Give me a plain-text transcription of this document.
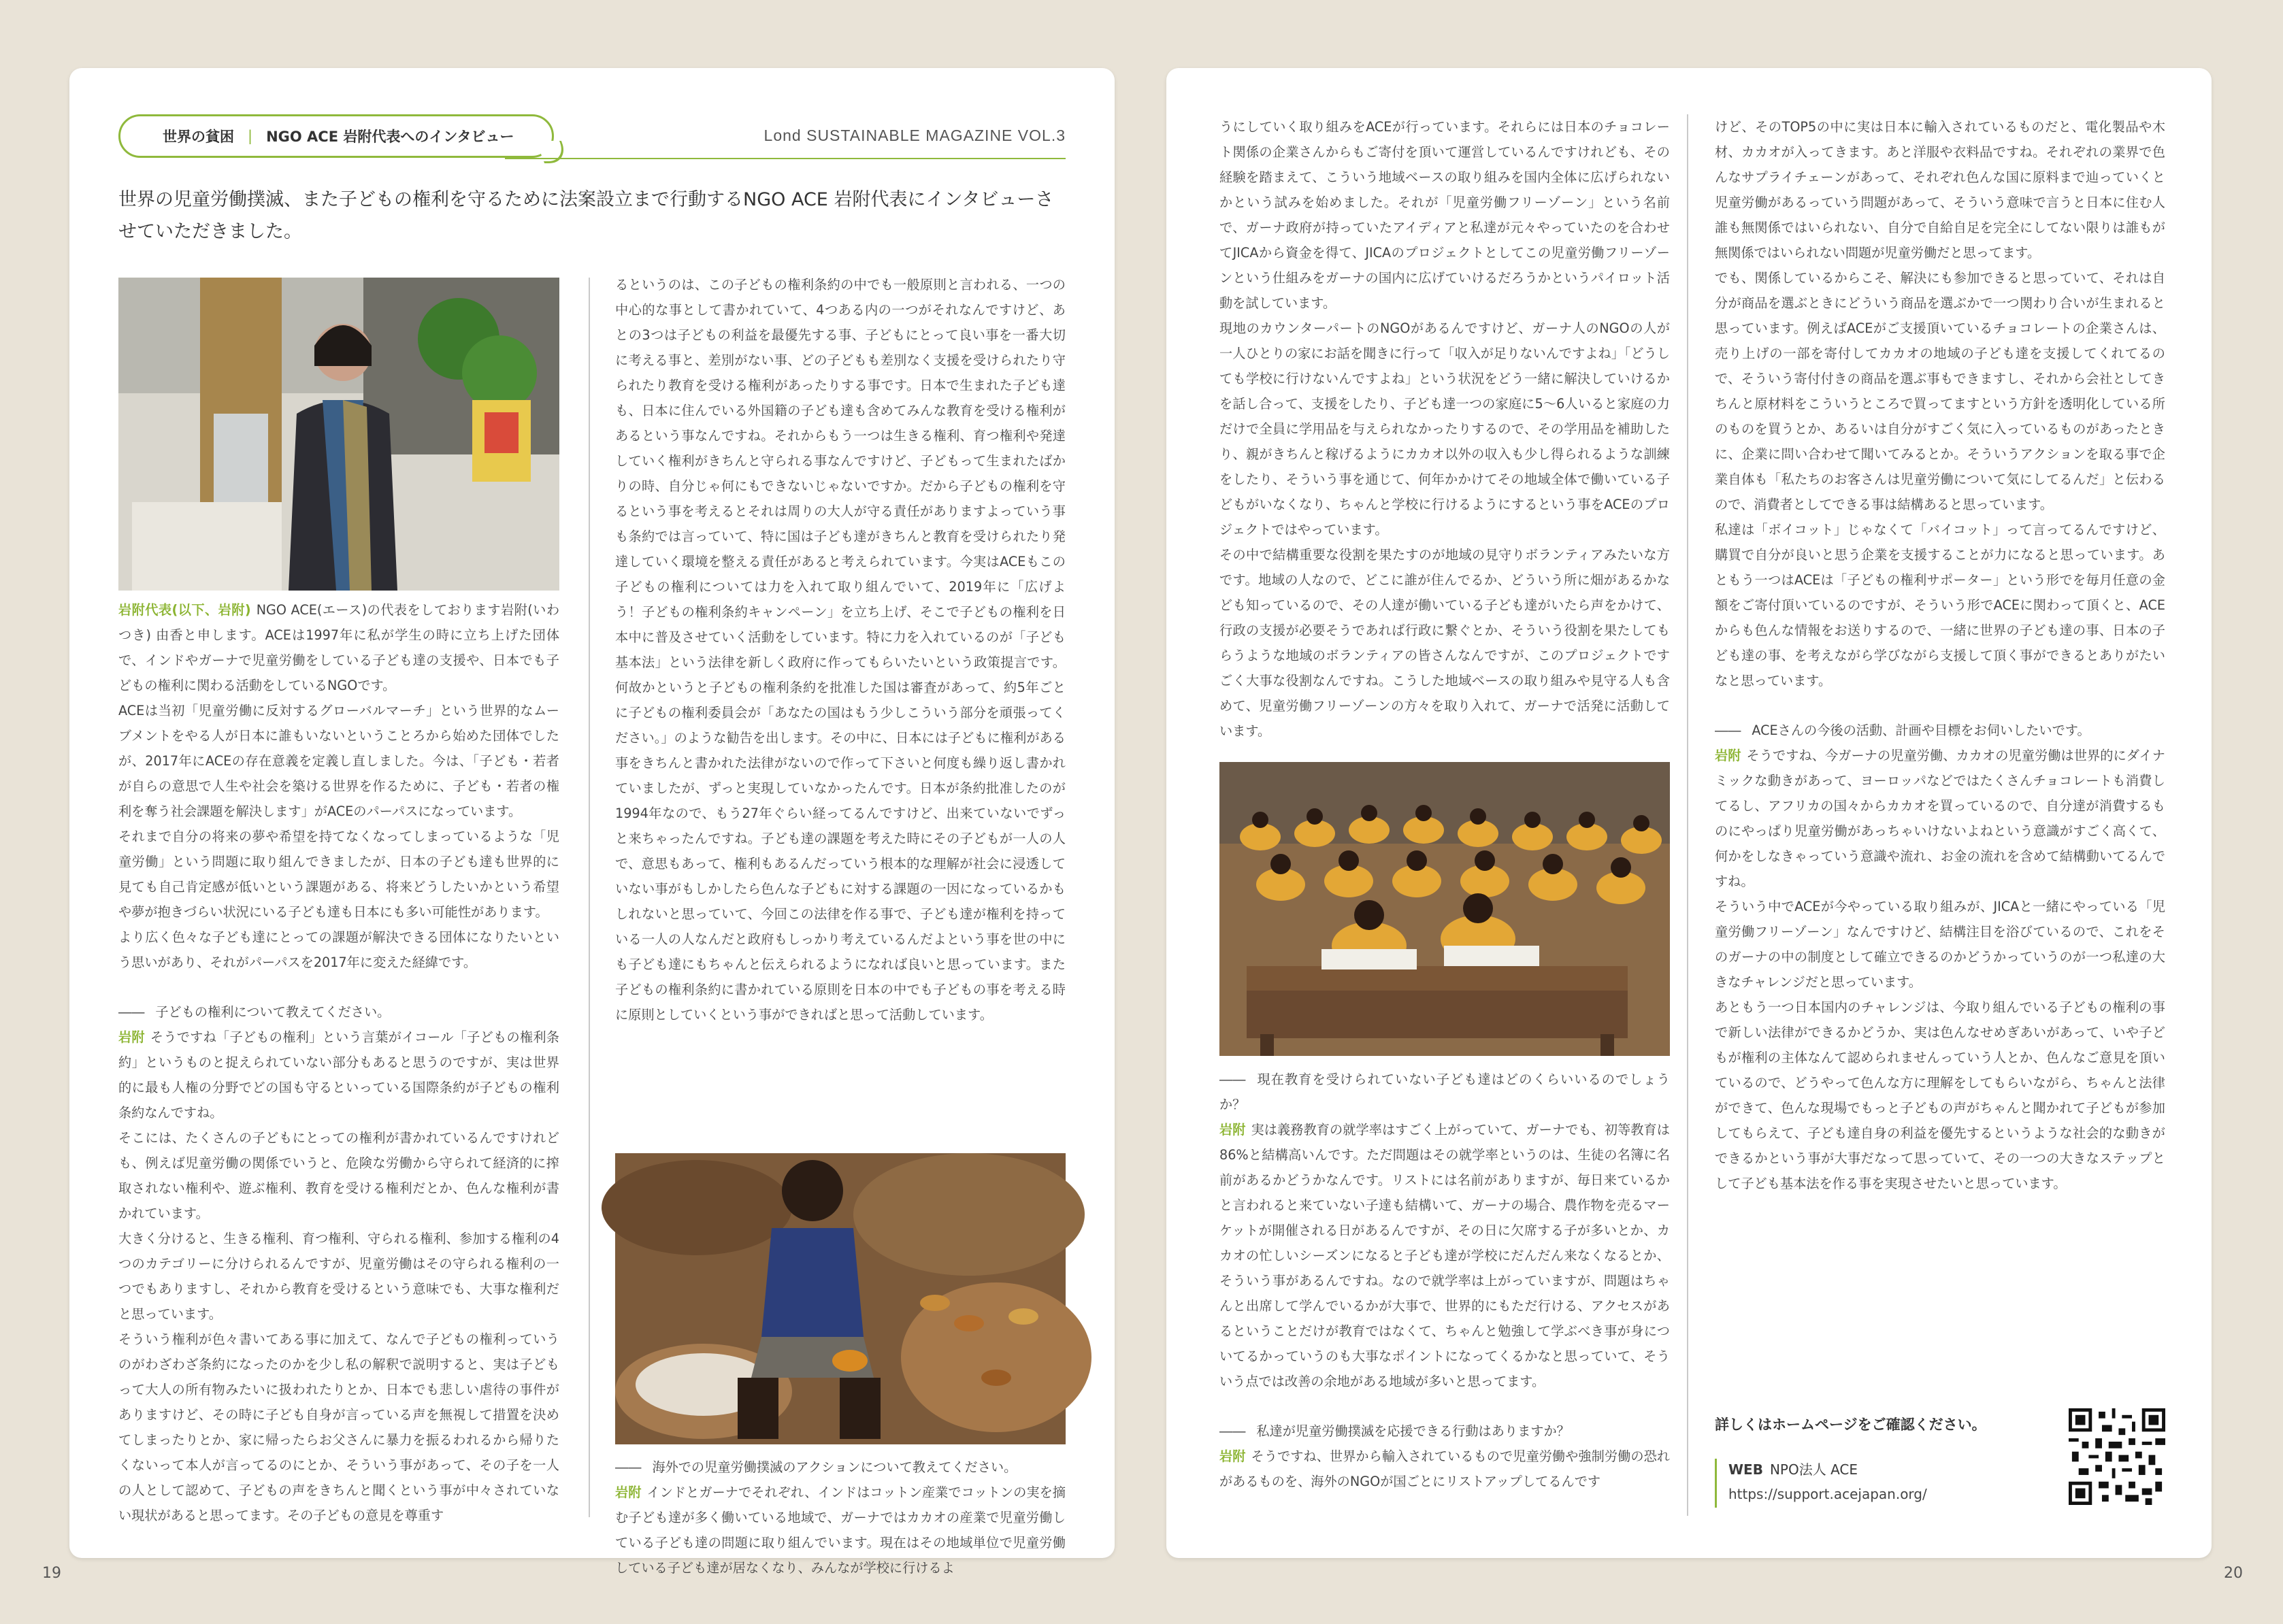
世界の貧困 | NGO ACE 岩附代表へのインタビュー	Lond SUSTAINABLE MAGAZINE VOL.3
世界の児童労働撲滅、また子どもの権利を守るために法案設立まで行動するNGO ACE 岩附代表にインタビューさせていただきました。

岩附代表(以下、岩附) NGO ACE(エース)の代表をしております岩附(いわつき) 由香と申します。ACEは1997年に私が学生の時に立ち上げた団体で、インドやガーナで児童労働をしている子ども達の支援や、日本でも子どもの権利に関わる活動をしているNGOです。

ACEは当初「児童労働に反対するグローバルマーチ」という世界的なムーブメントをやる人が日本に誰もいないということろから始めた団体でしたが、2017年にACEの存在意義を定義し直しました。今は、「子ども・若者が自らの意思で人生や社会を築ける世界を作るために、子ども・若者の権利を奪う社会課題を解決します」がACEのパーパスになっています。

それまで自分の将来の夢や希望を持てなくなってしまっているような「児童労働」という問題に取り組んできましたが、日本の子ども達も世界的に見ても自己肯定感が低いという課題がある、将来どうしたいかという希望や夢が抱きづらい状況にいる子ども達も日本にも多い可能性があります。

より広く色々な子ども達にとっての課題が解決できる団体になりたいという思いがあり、それがパーパスを2017年に変えた経緯です。

―― 子どもの権利について教えてください。

岩附 そうですね「子どもの権利」という言葉がイコール「子どもの権利条約」というものと捉えられていない部分もあると思うのですが、実は世界的に最も人権の分野でどの国も守るといっている国際条約が子どもの権利条約なんですね。

そこには、たくさんの子どもにとっての権利が書かれているんですけれども、例えば児童労働の関係でいうと、危険な労働から守られて経済的に搾取されない権利や、遊ぶ権利、教育を受ける権利だとか、色んな権利が書かれています。

大きく分けると、生きる権利、育つ権利、守られる権利、参加する権利の4つのカテゴリーに分けられるんですが、児童労働はその守られる権利の一つでもありますし、それから教育を受けるという意味でも、大事な権利だと思っています。

そういう権利が色々書いてある事に加えて、なんで子どもの権利っていうのがわざわざ条約になったのかを少し私の解釈で説明すると、実は子どもって大人の所有物みたいに扱われたりとか、日本でも悲しい虐待の事件がありますけど、その時に子ども自身が言っている声を無視して措置を決めてしまったりとか、家に帰ったらお父さんに暴力を振るわれるから帰りたくないって本人が言ってるのにとか、そういう事があって、その子を一人の人として認めて、子どもの声をきちんと聞くという事が中々されていない現状があると思ってます。その子どもの意見を尊重す

るというのは、この子どもの権利条約の中でも一般原則と言われる、一つの中心的な事として書かれていて、4つある内の一つがそれなんですけど、あとの3つは子どもの利益を最優先する事、子どもにとって良い事を一番大切に考える事と、差別がない事、どの子どもも差別なく支援を受けられたり守られたり教育を受ける権利があったりする事です。日本で生まれた子ども達も、日本に住んでいる外国籍の子ども達も含めてみんな教育を受ける権利があるという事なんですね。それからもう一つは生きる権利、育つ権利や発達していく権利がきちんと守られる事なんですけど、子どもって生まれたばかりの時、自分じゃ何にもできないじゃないですか。だから子どもの権利を守るという事を考えるとそれは周りの大人が守る責任がありますよっていう事も条約では言っていて、特に国は子ども達がきちんと教育を受けられたり発達していく環境を整える責任があると考えられています。今実はACEもこの子どもの権利については力を入れて取り組んでいて、2019年に「広げよう！子どもの権利条約キャンペーン」を立ち上げ、そこで子どもの権利を日本中に普及させていく活動をしています。特に力を入れているのが「子ども基本法」という法律を新しく政府に作ってもらいたいという政策提言です。何故かというと子どもの権利条約を批准した国は審査があって、約5年ごとに子どもの権利委員会が「あなたの国はもう少しこういう部分を頑張ってください。」のような勧告を出します。その中に、日本には子どもに権利がある事をきちんと書かれた法律がないので作って下さいと何度も繰り返し書かれていましたが、ずっと実現していなかったんです。日本が条約批准したのが1994年なので、もう27年ぐらい経ってるんですけど、出来ていないでずっと来ちゃったんですね。子ども達の課題を考えた時にその子どもが一人の人で、意思もあって、権利もあるんだっていう根本的な理解が社会に浸透していない事がもしかしたら色んな子どもに対する課題の一因になっているかもしれないと思っていて、今回この法律を作る事で、子ども達が権利を持っている一人の人なんだと政府もしっかり考えているんだよという事を世の中にも子ども達にもちゃんと伝えられるようになれば良いと思っています。また子どもの権利条約に書かれている原則を日本の中でも子どもの事を考える時に原則としていくという事ができればと思って活動しています。

―― 海外での児童労働撲滅のアクションについて教えてください。

岩附 インドとガーナでそれぞれ、インドはコットン産業でコットンの実を摘む子ども達が多く働いている地域で、ガーナではカカオの産業で児童労働している子ども達の問題に取り組んでいます。現在はその地域単位で児童労働している子ども達が居なくなり、みんなが学校に行けるよ

うにしていく取り組みをACEが行っています。それらには日本のチョコレート関係の企業さんからもご寄付を頂いて運営しているんですけれども、その経験を踏まえて、こういう地域ベースの取り組みを国内全体に広げられないかという試みを始めました。それが「児童労働フリーゾーン」という名前で、ガーナ政府が持っていたアイディアと私達が元々やっていたのを合わせてJICAから資金を得て、JICAのプロジェクトとしてこの児童労働フリーゾーンという仕組みをガーナの国内に広げていけるだろうかというパイロット活動を試しています。

現地のカウンターパートのNGOがあるんですけど、ガーナ人のNGOの人が一人ひとりの家にお話を聞きに行って「収入が足りないんですよね」「どうしても学校に行けないんですよね」という状況をどう一緒に解決していけるかを話し合って、支援をしたり、子ども達一つの家庭に5〜6人いると家庭の力だけで全員に学用品を与えられなかったりするので、その学用品を補助したり、親がきちんと稼げるようにカカオ以外の収入も少し得られるような訓練をしたり、そういう事を通じて、何年かかけてその地域全体で働いている子どもがいなくなり、ちゃんと学校に行けるようにするという事をACEのプロジェクトではやっています。

その中で結構重要な役割を果たすのが地域の見守りボランティアみたいな方です。地域の人なので、どこに誰が住んでるか、どういう所に畑があるかなども知っているので、その人達が働いている子ども達がいたら声をかけて、行政の支援が必要そうであれば行政に繋ぐとか、そういう役割を果たしてもらうような地域のボランティアの皆さんなんですが、このプロジェクトですごく大事な役割なんですね。こうした地域ベースの取り組みや見守る人も含めて、児童労働フリーゾーンの方々を取り入れて、ガーナで活発に活動しています。

―― 現在教育を受けられていない子ども達はどのくらいいるのでしょうか？

岩附 実は義務教育の就学率はすごく上がっていて、ガーナでも、初等教育は86%と結構高いんです。ただ問題はその就学率というのは、生徒の名簿に名前があるかどうかなんです。リストには名前がありますが、毎日来ているかと言われると来ていない子達も結構いて、ガーナの場合、農作物を売るマーケットが開催される日があるんですが、その日に欠席する子が多いとか、カカオの忙しいシーズンになると子ども達が学校にだんだん来なくなるとか、そういう事があるんですね。なので就学率は上がっていますが、問題はちゃんと出席して学んでいるかが大事で、世界的にもただ行ける、アクセスがあるということだけが教育ではなくて、ちゃんと勉強して学ぶべき事が身についてるかっていうのも大事なポイントになってくるかなと思っていて、そういう点では改善の余地がある地域が多いと思ってます。

―― 私達が児童労働撲滅を応援できる行動はありますか？

岩附 そうですね、世界から輸入されているもので児童労働や強制労働の恐れがあるものを、海外のNGOが国ごとにリストアップしてるんです

けど、そのTOP5の中に実は日本に輸入されているものだと、電化製品や木材、カカオが入ってきます。あと洋服や衣料品ですね。それぞれの業界で色んなサプライチェーンがあって、それぞれ色んな国に原料まで辿っていくと児童労働があるっていう問題があって、そういう意味で言うと日本に住む人誰も無関係ではいられない、自分で自給自足を完全にしてない限りは誰もが無関係ではいられない問題が児童労働だと思ってます。

でも、関係しているからこそ、解決にも参加できると思っていて、それは自分が商品を選ぶときにどういう商品を選ぶかで一つ関わり合いが生まれると思っています。例えばACEがご支援頂いているチョコレートの企業さんは、売り上げの一部を寄付してカカオの地域の子ども達を支援してくれてるので、そういう寄付付きの商品を選ぶ事もできますし、それから会社としてきちんと原材料をこういうところで買ってますという方針を透明化している所のものを買うとか、あるいは自分がすごく気に入っているものがあったときに、企業に問い合わせて聞いてみるとか。そういうアクションを取る事で企業自体も「私たちのお客さんは児童労働について気にしてるんだ」と伝わるので、消費者としてできる事は結構あると思っています。

私達は「ボイコット」じゃなくて「バイコット」って言ってるんですけど、購買で自分が良いと思う企業を支援することが力になると思っています。あともう一つはACEは「子どもの権利サポーター」という形でを毎月任意の金額をご寄付頂いているのですが、そういう形でACEに関わって頂くと、ACEからも色んな情報をお送りするので、一緒に世界の子ども達の事、日本の子ども達の事、を考えながら学びながら支援して頂く事ができるとありがたいなと思っています。

―― ACEさんの今後の活動、計画や目標をお伺いしたいです。

岩附 そうですね、今ガーナの児童労働、カカオの児童労働は世界的にダイナミックな動きがあって、ヨーロッパなどではたくさんチョコレートも消費してるし、アフリカの国々からカカオを買っているので、自分達が消費するものにやっぱり児童労働があっちゃいけないよねという意識がすごく高くて、何かをしなきゃっていう意識や流れ、お金の流れを含めて結構動いてるんですね。

そういう中でACEが今やっている取り組みが、JICAと一緒にやっている「児童労働フリーゾーン」なんですけど、結構注目を浴びているので、これをそのガーナの中の制度として確立できるのかどうかっていうのが一つ私達の大きなチャレンジだと思っています。

あともう一つ日本国内のチャレンジは、今取り組んでいる子どもの権利の事で新しい法律ができるかどうか、実は色んなせめぎあいがあって、いや子どもが権利の主体なんて認められませんっていう人とか、色んなご意見を頂いているので、どうやって色んな方に理解をしてもらいながら、ちゃんと法律ができて、色んな現場でもっと子どもの声がちゃんと聞かれて子どもが参加してもらえて、子ども達自身の利益を優先するというような社会的な動きができるかという事が大事だなって思っていて、その一つの大きなステップとして子ども基本法を作る事を実現させたいと思っています。

詳しくはホームページをご確認ください。
WEB NPO法人 ACE
https://support.acejapan.org/
19	20
